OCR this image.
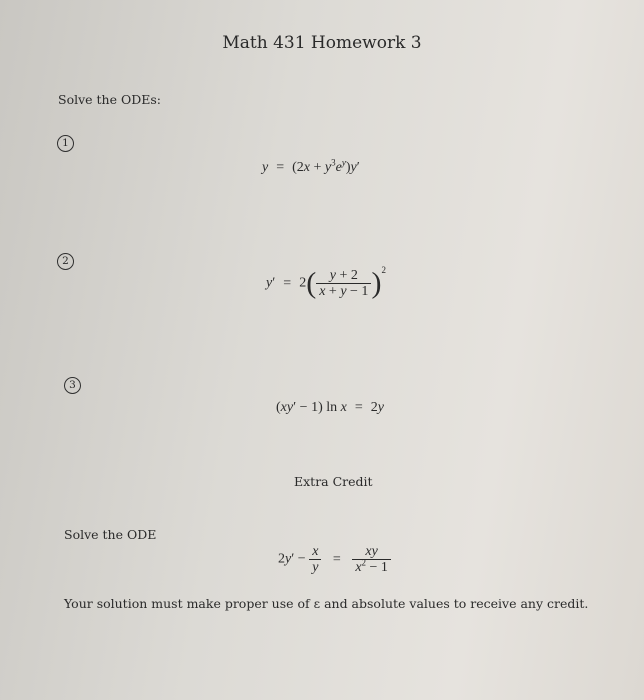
Math 431 Homework 3
Solve the ODEs:
1
$y = (2x + y^3e^y)y'$
2
$y' = 2( \frac{y + 2}{x + y - 1} )^2$
3
(xy′ − 1) ln x = 2y
Extra Credit
Solve the ODE
$2y' - \frac{x}{y} = \frac{xy}{x^2 - 1}$
Your solution must make proper use of ε and absolute values to receive any credit.
